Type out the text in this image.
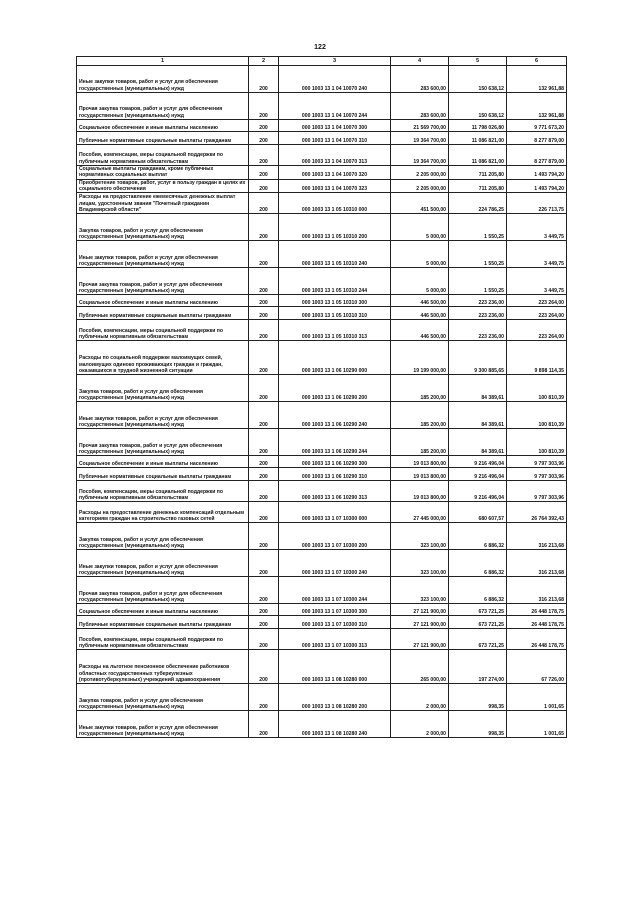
122
1	2	3	4	5	6
Иные закупки товаров, работ и услуг для обеспечения государственных (муниципальных) нужд	200	000 1003 13 1 04 10070 240	283 600,00	150 638,12	132 961,88
Прочая закупка товаров, работ и услуг для обеспечения государственных (муниципальных) нужд	200	000 1003 13 1 04 10070 244	283 600,00	150 638,12	132 961,88
Социальное обеспечение и иные выплаты населению	200	000 1003 13 1 04 10070 300	21 569 700,00	11 798 026,80	9 771 673,20
Публичные нормативные социальные выплаты гражданам	200	000 1003 13 1 04 10070 310	19 364 700,00	11 086 821,00	8 277 879,00
Пособия, компенсации, меры социальной поддержки по публичным нормативным обязательствам	200	000 1003 13 1 04 10070 313	19 364 700,00	11 086 821,00	8 277 879,00
Социальные выплаты гражданам, кроме публичных нормативных социальных выплат	200	000 1003 13 1 04 10070 320	2 205 000,00	711 205,80	1 493 794,20
Приобретение товаров, работ, услуг в пользу граждан в целях их социального обеспечения	200	000 1003 13 1 04 10070 323	2 205 000,00	711 205,80	1 493 794,20
Расходы на предоставление ежемесячных денежных выплат лицам, удостоенным звания "Почетный гражданин Владимирской области"	200	000 1003 13 1 05 10310 000	451 500,00	224 786,25	226 713,75
Закупка товаров, работ и услуг для обеспечения государственных (муниципальных) нужд	200	000 1003 13 1 05 10310 200	5 000,00	1 550,25	3 449,75
Иные закупки товаров, работ и услуг для обеспечения государственных (муниципальных) нужд	200	000 1003 13 1 05 10310 240	5 000,00	1 550,25	3 449,75
Прочая закупка товаров, работ и услуг для обеспечения государственных (муниципальных) нужд	200	000 1003 13 1 05 10310 244	5 000,00	1 550,25	3 449,75
Социальное обеспечение и иные выплаты населению	200	000 1003 13 1 05 10310 300	446 500,00	223 236,00	223 264,00
Публичные нормативные социальные выплаты гражданам	200	000 1003 13 1 05 10310 310	446 500,00	223 236,00	223 264,00
Пособия, компенсации, меры социальной поддержки по публичным нормативным обязательствам	200	000 1003 13 1 05 10310 313	446 500,00	223 236,00	223 264,00
Расходы по социальной поддержке малоимущих семей, малоимущих одиноко проживающих граждан и граждан, оказавшихся в трудной жизненной ситуации	200	000 1003 13 1 06 10290 000	19 199 000,00	9 300 885,65	9 898 114,35
Закупка товаров, работ и услуг для обеспечения государственных (муниципальных) нужд	200	000 1003 13 1 06 10290 200	185 200,00	84 389,61	100 810,39
Иные закупки товаров, работ и услуг для обеспечения государственных (муниципальных) нужд	200	000 1003 13 1 06 10290 240	185 200,00	84 389,61	100 810,39
Прочая закупка товаров, работ и услуг для обеспечения государственных (муниципальных) нужд	200	000 1003 13 1 06 10290 244	185 200,00	84 389,61	100 810,39
Социальное обеспечение и иные выплаты населению	200	000 1003 13 1 06 10290 300	19 013 800,00	9 216 496,04	9 797 303,96
Публичные нормативные социальные выплаты гражданам	200	000 1003 13 1 06 10290 310	19 013 800,00	9 216 496,04	9 797 303,96
Пособия, компенсации, меры социальной поддержки по публичным нормативным обязательствам	200	000 1003 13 1 06 10290 313	19 013 800,00	9 216 496,04	9 797 303,96
Расходы на предоставление денежных компенсаций отдельным категориям граждан на строительство газовых сетей	200	000 1003 13 1 07 10300 000	27 445 000,00	680 607,57	26 764 392,43
Закупка товаров, работ и услуг для обеспечения государственных (муниципальных) нужд	200	000 1003 13 1 07 10300 200	323 100,00	6 886,32	316 213,68
Иные закупки товаров, работ и услуг для обеспечения государственных (муниципальных) нужд	200	000 1003 13 1 07 10300 240	323 100,00	6 886,32	316 213,68
Прочая закупка товаров, работ и услуг для обеспечения государственных (муниципальных) нужд	200	000 1003 13 1 07 10300 244	323 100,00	6 886,32	316 213,68
Социальное обеспечение и иные выплаты населению	200	000 1003 13 1 07 10300 300	27 121 900,00	673 721,25	26 448 178,75
Публичные нормативные социальные выплаты гражданам	200	000 1003 13 1 07 10300 310	27 121 900,00	673 721,25	26 448 178,75
Пособия, компенсации, меры социальной поддержки по публичным нормативным обязательствам	200	000 1003 13 1 07 10300 313	27 121 900,00	673 721,25	26 448 178,75
Расходы на льготное пенсионное обеспечение работников областных государственных туберкулезных (противотуберкулезных) учреждений здравоохранения	200	000 1003 13 1 08 10280 000	265 000,00	197 274,00	67 726,00
Закупка товаров, работ и услуг для обеспечения государственных (муниципальных) нужд	200	000 1003 13 1 08 10280 200	2 000,00	998,35	1 001,65
Иные закупки товаров, работ и услуг для обеспечения государственных (муниципальных) нужд	200	000 1003 13 1 08 10280 240	2 000,00	998,35	1 001,65
